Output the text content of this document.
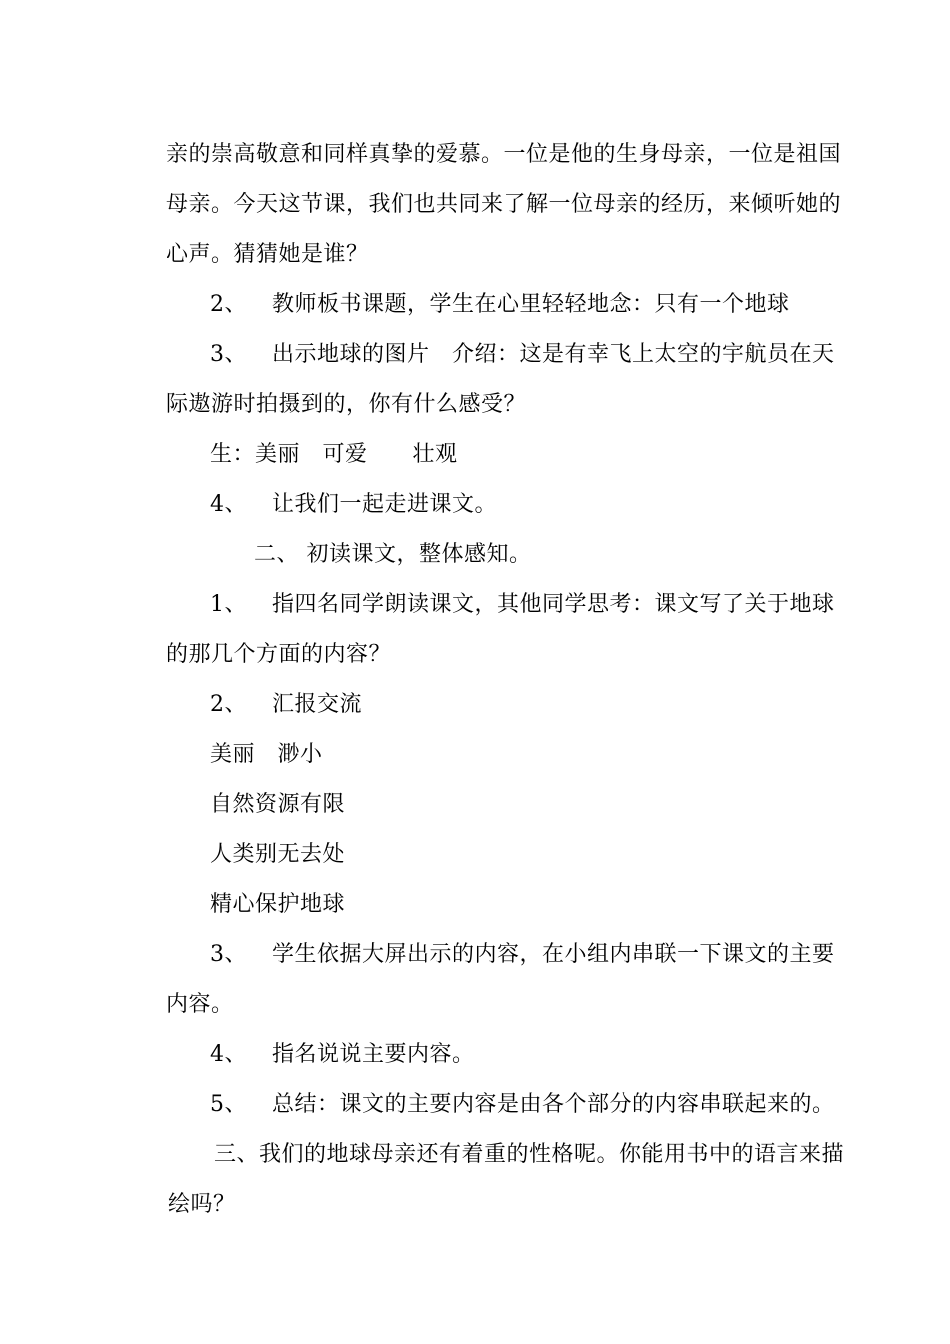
亲的崇高敬意和同样真挚的爱慕。一位是他的生身母亲，一位是祖国
母亲。今天这节课，我们也共同来了解一位母亲的经历，来倾听她的
心声。猜猜她是谁？
2、 教师板书课题，学生在心里轻轻地念：只有一个地球
3、 出示地球的图片　介绍：这是有幸飞上太空的宇航员在天
际遨游时拍摄到的，你有什么感受？
生：美丽　可爱　　壮观
4、 让我们一起走进课文。
二、 初读课文，整体感知。
1、 指四名同学朗读课文，其他同学思考：课文写了关于地球
的那几个方面的内容？
2、 汇报交流
美丽　渺小
自然资源有限
人类别无去处
精心保护地球
3、 学生依据大屏出示的内容，在小组内串联一下课文的主要
内容。
4、 指名说说主要内容。
5、 总结：课文的主要内容是由各个部分的内容串联起来的。
三、我们的地球母亲还有着重的性格呢。你能用书中的语言来描
绘吗？
